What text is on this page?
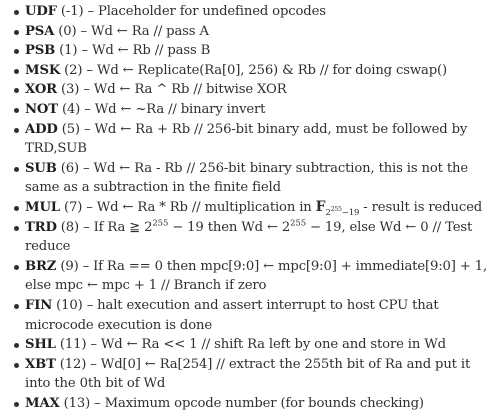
UDF (-1) – Placeholder for undefined opcodes
PSA (0) – Wd ← Ra // pass A
PSB (1) – Wd ← Rb // pass B
MSK (2) – Wd ← Replicate(Ra[0], 256) & Rb // for doing cswap()
XOR (3) – Wd ← Ra ^ Rb // bitwise XOR
NOT (4) – Wd ← ~Ra // binary invert
ADD (5) – Wd ← Ra + Rb // 256-bit binary add, must be followed by TRD,SUB
SUB (6) – Wd ← Ra - Rb // 256-bit binary subtraction, this is not the same as a subtraction in the finite field
MUL (7) – Wd ← Ra * Rb // multiplication in $F_{2^{255}-19}$ - result is reduced
TRD (8) – If Ra ≧ $2^{255} - 19$ then Wd ← $2^{255} - 19$, else Wd ← 0 // Test reduce
BRZ (9) – If Ra == 0 then mpc[9:0] ← mpc[9:0] + immediate[9:0] + 1, else mpc ← mpc + 1 // Branch if zero
FIN (10) – halt execution and assert interrupt to host CPU that microcode execution is done
SHL (11) – Wd ← Ra << 1 // shift Ra left by one and store in Wd
XBT (12) – Wd[0] ← Ra[254] // extract the 255th bit of Ra and put it into the 0th bit of Wd
MAX (13) – Maximum opcode number (for bounds checking)
